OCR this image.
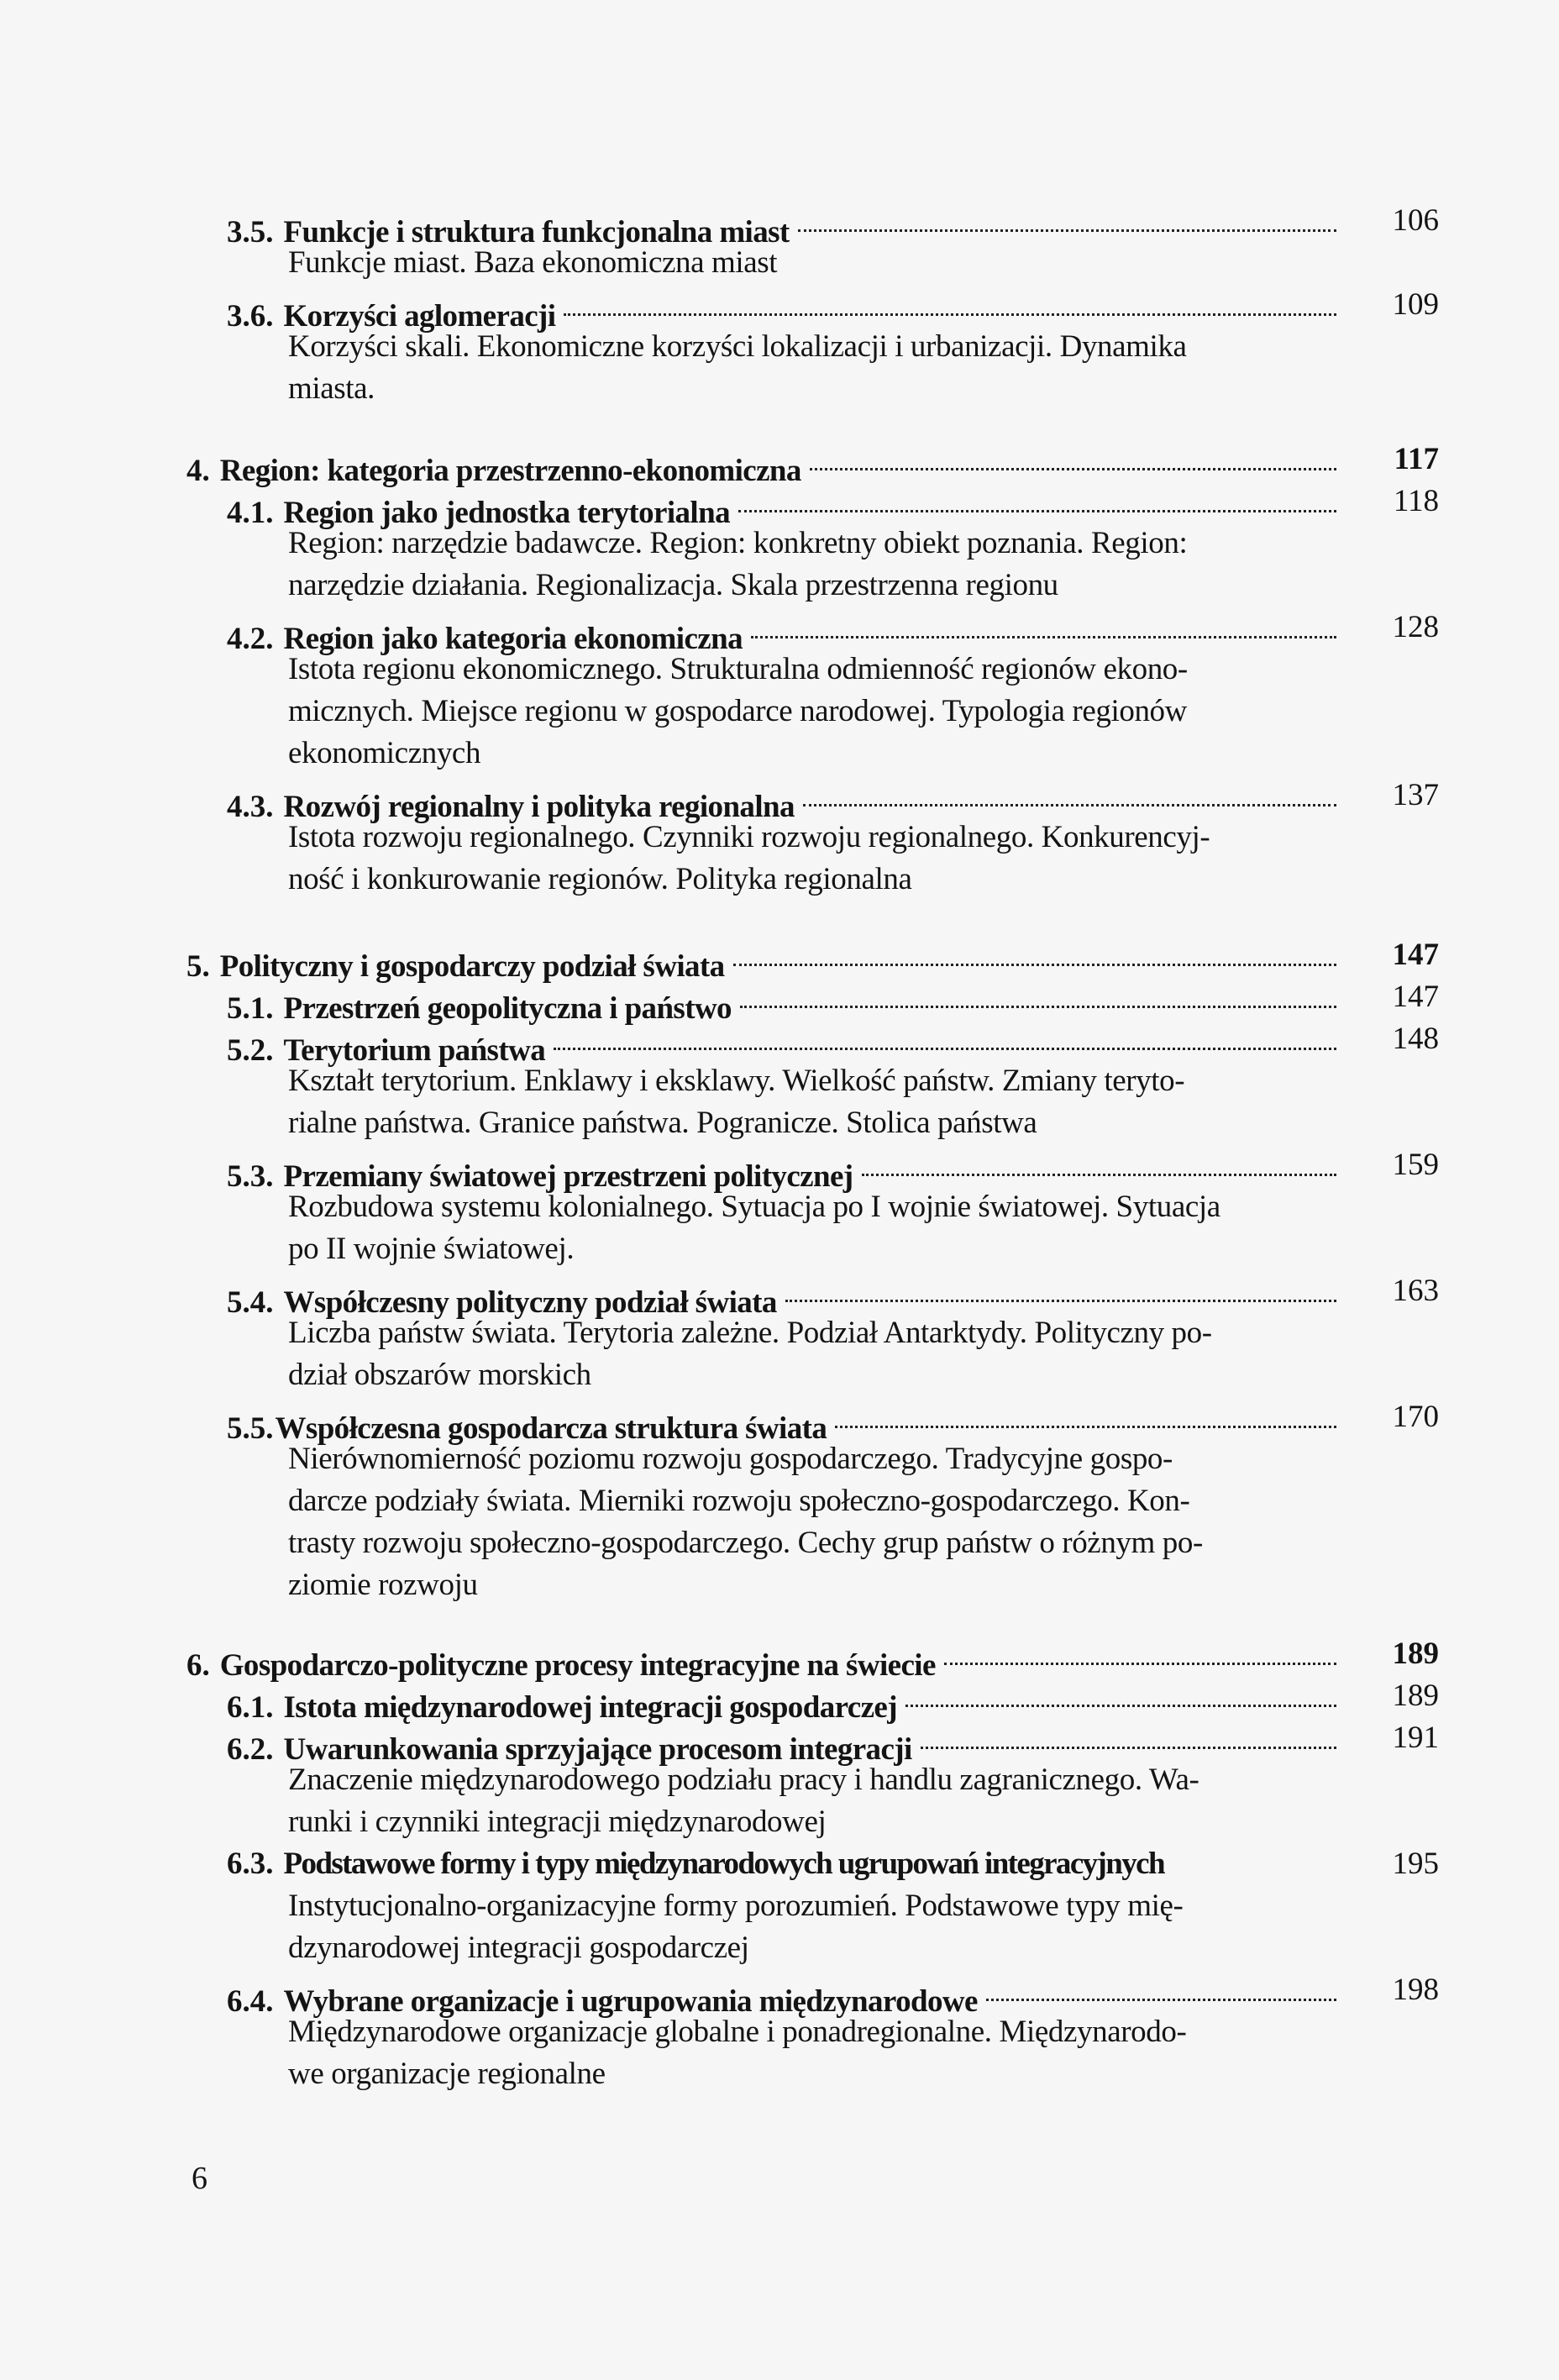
3.5. Funkcje i struktura funkcjonalna miast	106
Funkcje miast. Baza ekonomiczna miast
3.6. Korzyści aglomeracji	109
Korzyści skali. Ekonomiczne korzyści lokalizacji i urbanizacji. Dynamika
miasta.
4. Region: kategoria przestrzenno-ekonomiczna	117
4.1. Region jako jednostka terytorialna	118
Region: narzędzie badawcze. Region: konkretny obiekt poznania. Region:
narzędzie działania. Regionalizacja. Skala przestrzenna regionu
4.2. Region jako kategoria ekonomiczna	128
Istota regionu ekonomicznego. Strukturalna odmienność regionów ekono-
micznych. Miejsce regionu w gospodarce narodowej. Typologia regionów
ekonomicznych
4.3. Rozwój regionalny i polityka regionalna	137
Istota rozwoju regionalnego. Czynniki rozwoju regionalnego. Konkurencyj-
ność i konkurowanie regionów. Polityka regionalna
5. Polityczny i gospodarczy podział świata	147
5.1. Przestrzeń geopolityczna i państwo	147
5.2. Terytorium państwa	148
Kształt terytorium. Enklawy i eksklawy. Wielkość państw. Zmiany teryto-
rialne państwa. Granice państwa. Pogranicze. Stolica państwa
5.3. Przemiany światowej przestrzeni politycznej	159
Rozbudowa systemu kolonialnego. Sytuacja po I wojnie światowej. Sytuacja
po II wojnie światowej.
5.4. Współczesny polityczny podział świata	163
Liczba państw świata. Terytoria zależne. Podział Antarktydy. Polityczny po-
dział obszarów morskich
5.5. Współczesna gospodarcza struktura świata	170
Nierównomierność poziomu rozwoju gospodarczego. Tradycyjne gospo-
darcze podziały świata. Mierniki rozwoju społeczno-gospodarczego. Kon-
trasty rozwoju społeczno-gospodarczego. Cechy grup państw o różnym po-
ziomie rozwoju
6. Gospodarczo-polityczne procesy integracyjne na świecie	189
6.1. Istota międzynarodowej integracji gospodarczej	189
6.2. Uwarunkowania sprzyjające procesom integracji	191
Znaczenie międzynarodowego podziału pracy i handlu zagranicznego. Wa-
runki i czynniki integracji międzynarodowej
6.3. Podstawowe formy i typy międzynarodowych ugrupowań integracyjnych	195
Instytucjonalno-organizacyjne formy porozumień. Podstawowe typy mię-
dzynarodowej integracji gospodarczej
6.4. Wybrane organizacje i ugrupowania międzynarodowe	198
Międzynarodowe organizacje globalne i ponadregionalne. Międzynarodo-
we organizacje regionalne
6
